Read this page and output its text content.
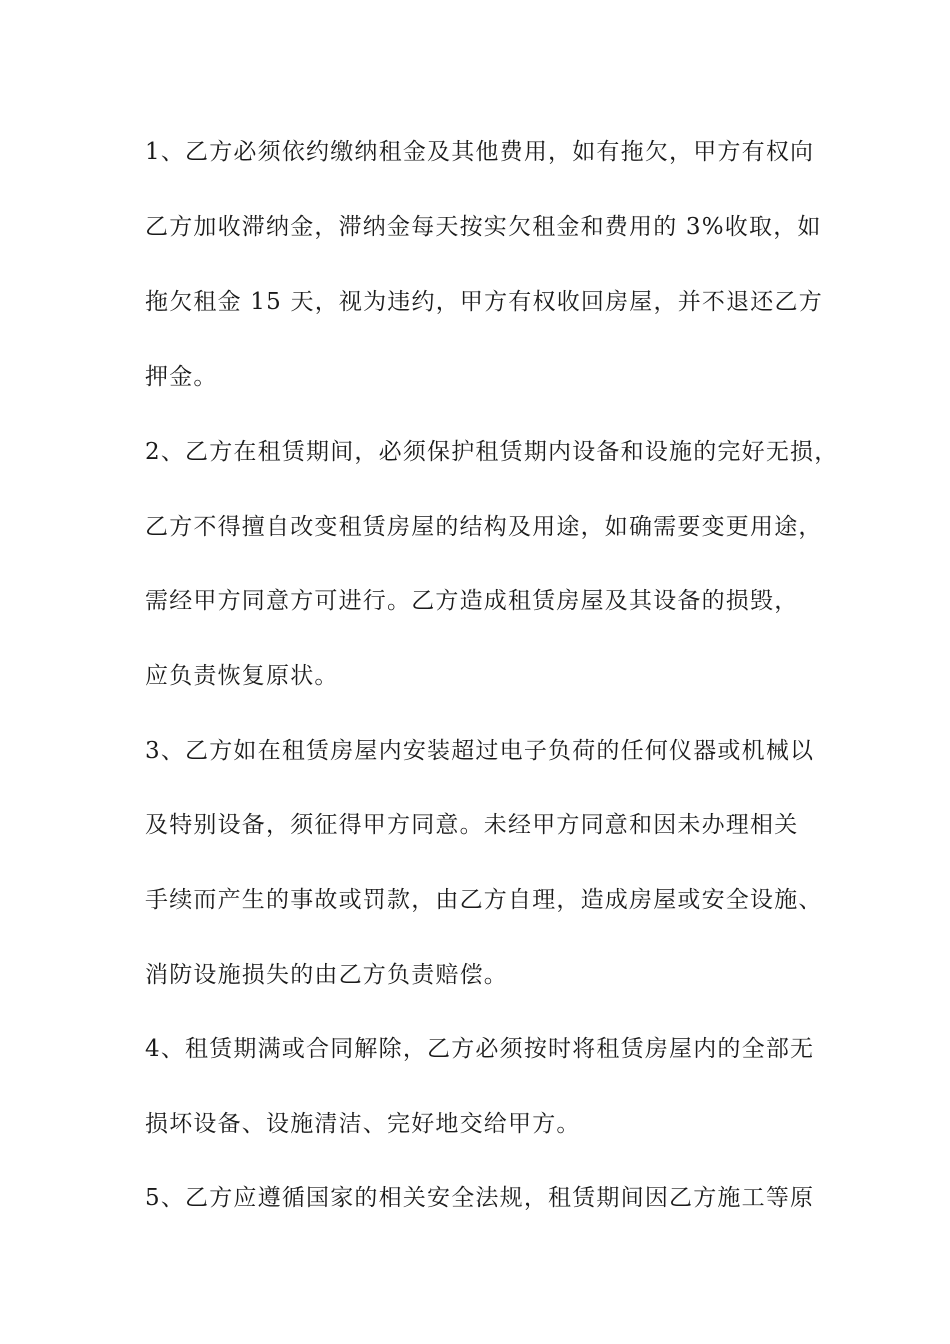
1、乙方必须依约缴纳租金及其他费用，如有拖欠，甲方有权向
乙方加收滞纳金，滞纳金每天按实欠租金和费用的 3%收取，如
拖欠租金 15 天，视为违约，甲方有权收回房屋，并不退还乙方
押金。
2、乙方在租赁期间，必须保护租赁期内设备和设施的完好无损，
乙方不得擅自改变租赁房屋的结构及用途，如确需要变更用途，
需经甲方同意方可进行。乙方造成租赁房屋及其设备的损毁，
应负责恢复原状。
3、乙方如在租赁房屋内安装超过电子负荷的任何仪器或机械以
及特别设备，须征得甲方同意。未经甲方同意和因未办理相关
手续而产生的事故或罚款，由乙方自理，造成房屋或安全设施、
消防设施损失的由乙方负责赔偿。
4、租赁期满或合同解除，乙方必须按时将租赁房屋内的全部无
损坏设备、设施清洁、完好地交给甲方。
5、乙方应遵循国家的相关安全法规，租赁期间因乙方施工等原
